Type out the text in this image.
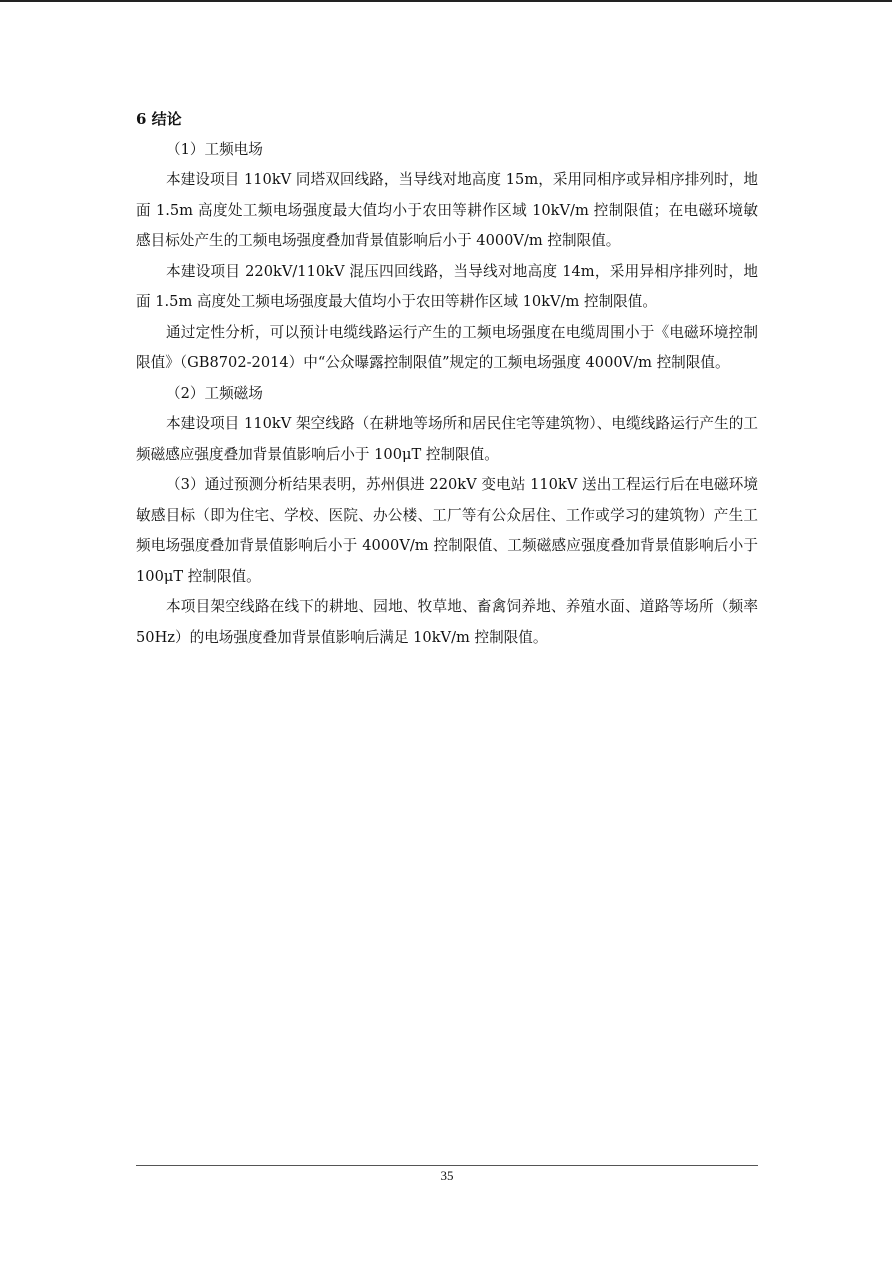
6 结论

（1）工频电场

本建设项目 110kV 同塔双回线路，当导线对地高度 15m，采用同相序或异相序排列时，地面 1.5m 高度处工频电场强度最大值均小于农田等耕作区域 10kV/m 控制限值；在电磁环境敏感目标处产生的工频电场强度叠加背景值影响后小于 4000V/m 控制限值。

本建设项目 220kV/110kV 混压四回线路，当导线对地高度 14m，采用异相序排列时，地面 1.5m 高度处工频电场强度最大值均小于农田等耕作区域 10kV/m 控制限值。

通过定性分析，可以预计电缆线路运行产生的工频电场强度在电缆周围小于《电磁环境控制限值》（GB8702-2014）中“公众曝露控制限值”规定的工频电场强度 4000V/m 控制限值。

（2）工频磁场

本建设项目 110kV 架空线路（在耕地等场所和居民住宅等建筑物）、电缆线路运行产生的工频磁感应强度叠加背景值影响后小于 100μT 控制限值。

（3）通过预测分析结果表明，苏州俱进 220kV 变电站 110kV 送出工程运行后在电磁环境敏感目标（即为住宅、学校、医院、办公楼、工厂等有公众居住、工作或学习的建筑物）产生工频电场强度叠加背景值影响后小于 4000V/m 控制限值、工频磁感应强度叠加背景值影响后小于 100μT 控制限值。

本项目架空线路在线下的耕地、园地、牧草地、畜禽饲养地、养殖水面、道路等场所（频率 50Hz）的电场强度叠加背景值影响后满足 10kV/m 控制限值。

35
